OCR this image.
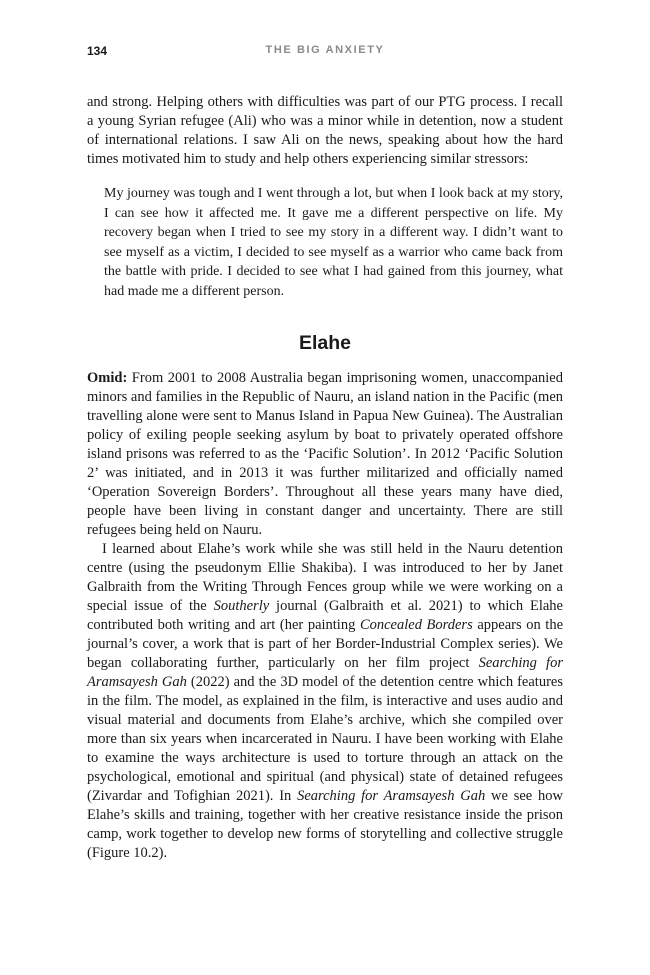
134	THE BIG ANXIETY

and strong. Helping others with difficulties was part of our PTG process. I recall a young Syrian refugee (Ali) who was a minor while in detention, now a student of international relations. I saw Ali on the news, speaking about how the hard times motivated him to study and help others experiencing similar stressors:

My journey was tough and I went through a lot, but when I look back at my story, I can see how it affected me. It gave me a different perspective on life. My recovery began when I tried to see my story in a different way. I didn’t want to see myself as a victim, I decided to see myself as a warrior who came back from the battle with pride. I decided to see what I had gained from this journey, what had made me a different person.
Elahe

Omid: From 2001 to 2008 Australia began imprisoning women, unaccompanied minors and families in the Republic of Nauru, an island nation in the Pacific (men travelling alone were sent to Manus Island in Papua New Guinea). The Australian policy of exiling people seeking asylum by boat to privately operated offshore island prisons was referred to as the ‘Pacific Solution’. In 2012 ‘Pacific Solution 2’ was initiated, and in 2013 it was further militarized and officially named ‘Operation Sovereign Borders’. Throughout all these years many have died, people have been living in constant danger and uncertainty. There are still refugees being held on Nauru.

I learned about Elahe’s work while she was still held in the Nauru detention centre (using the pseudonym Ellie Shakiba). I was introduced to her by Janet Galbraith from the Writing Through Fences group while we were working on a special issue of the Southerly journal (Galbraith et al. 2021) to which Elahe contributed both writing and art (her painting Concealed Borders appears on the journal’s cover, a work that is part of her Border-Industrial Complex series). We began collaborating further, particularly on her film project Searching for Aramsayesh Gah (2022) and the 3D model of the detention centre which features in the film. The model, as explained in the film, is interactive and uses audio and visual material and documents from Elahe’s archive, which she compiled over more than six years when incarcerated in Nauru. I have been working with Elahe to examine the ways architecture is used to torture through an attack on the psychological, emotional and spiritual (and physical) state of detained refugees (Zivardar and Tofighian 2021). In Searching for Aramsayesh Gah we see how Elahe’s skills and training, together with her creative resistance inside the prison camp, work together to develop new forms of storytelling and collective struggle (Figure 10.2).
